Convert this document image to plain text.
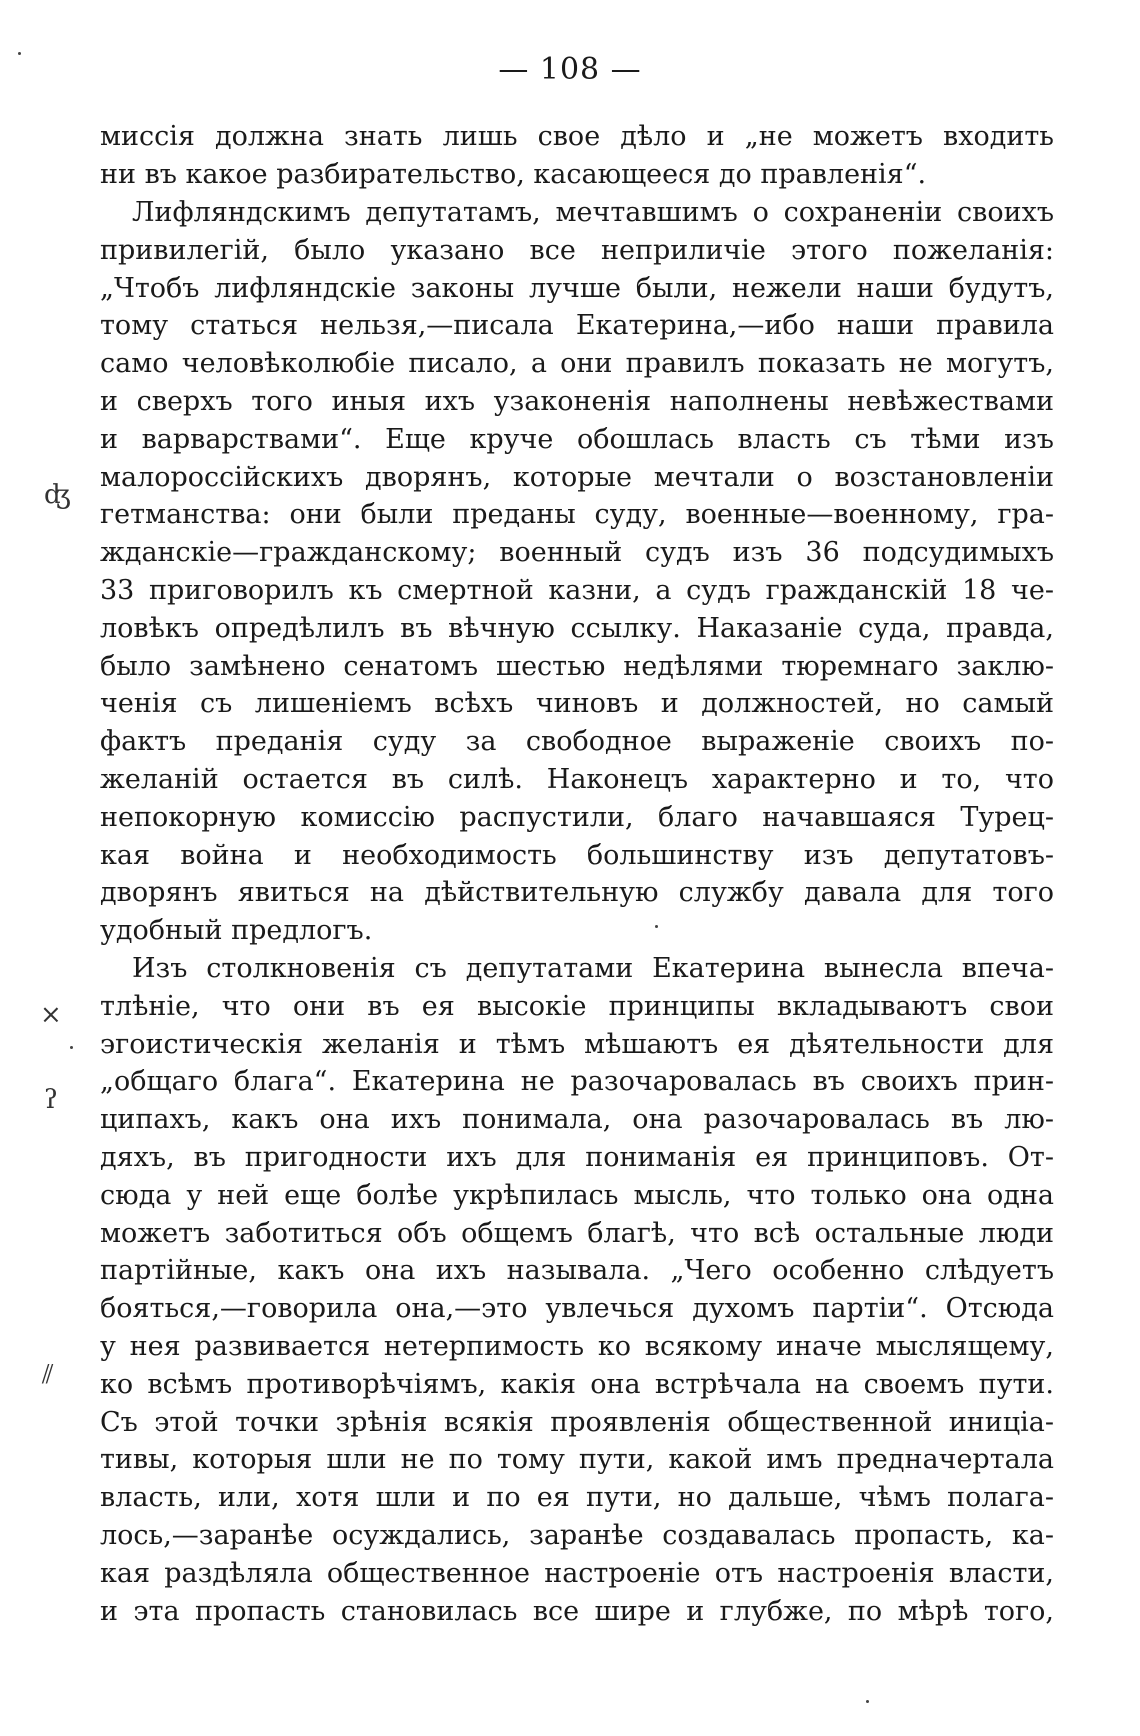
— 108 —
миссія должна знать лишь свое дѣло и „не можетъ входить
ни въ какое разбирательство, касающееся до правленія“.
Лифляндскимъ депутатамъ, мечтавшимъ о сохраненіи своихъ
привилегій, было указано все неприличіе этого пожеланія:
„Чтобъ лифляндскіе законы лучше были, нежели наши будутъ,
тому статься нельзя,—писала Екатерина,—ибо наши правила
само человѣколюбіе писало, а они правилъ показать не могутъ,
и сверхъ того иныя ихъ узаконенія наполнены невѣжествами
и варварствами“. Еще круче обошлась власть съ тѣми изъ
малороссійскихъ дворянъ, которые мечтали о возстановленіи
гетманства: они были преданы суду, военные—военному, гра-
жданскіе—гражданскому; военный судъ изъ 36 подсудимыхъ
33 приговорилъ къ смертной казни, а судъ гражданскій 18 че-
ловѣкъ опредѣлилъ въ вѣчную ссылку. Наказаніе суда, правда,
было замѣнено сенатомъ шестью недѣлями тюремнаго заклю-
ченія съ лишеніемъ всѣхъ чиновъ и должностей, но самый
фактъ преданія суду за свободное выраженіе своихъ по-
желаній остается въ силѣ. Наконецъ характерно и то, что
непокорную комиссію распустили, благо начавшаяся Турец-
кая война и необходимость большинству изъ депутатовъ-
дворянъ явиться на дѣйствительную службу давала для того
удобный предлогъ.
Изъ столкновенія съ депутатами Екатерина вынесла впеча-
тлѣніе, что они въ ея высокіе принципы вкладываютъ свои
эгоистическія желанія и тѣмъ мѣшаютъ ея дѣятельности для
„общаго блага“. Екатерина не разочаровалась въ своихъ прин-
ципахъ, какъ она ихъ понимала, она разочаровалась въ лю-
дяхъ, въ пригодности ихъ для пониманія ея принциповъ. От-
сюда у ней еще болѣе укрѣпилась мысль, что только она одна
можетъ заботиться объ общемъ благѣ, что всѣ остальные люди
партійные, какъ она ихъ называла. „Чего особенно слѣдуетъ
бояться,—говорила она,—это увлечься духомъ партіи“. Отсюда
у нея развивается нетерпимость ко всякому иначе мыслящему,
ко всѣмъ противорѣчіямъ, какія она встрѣчала на своемъ пути.
Съ этой точки зрѣнія всякія проявленія общественной иниціа-
тивы, которыя шли не по тому пути, какой имъ предначертала
власть, или, хотя шли и по ея пути, но дальше, чѣмъ полага-
лось,—заранѣе осуждались, заранѣе создавалась пропасть, ка-
кая раздѣляла общественное настроеніе отъ настроенія власти,
и эта пропасть становилась все шире и глубже, по мѣрѣ того,
ʤ
×
ʔ
⫽
